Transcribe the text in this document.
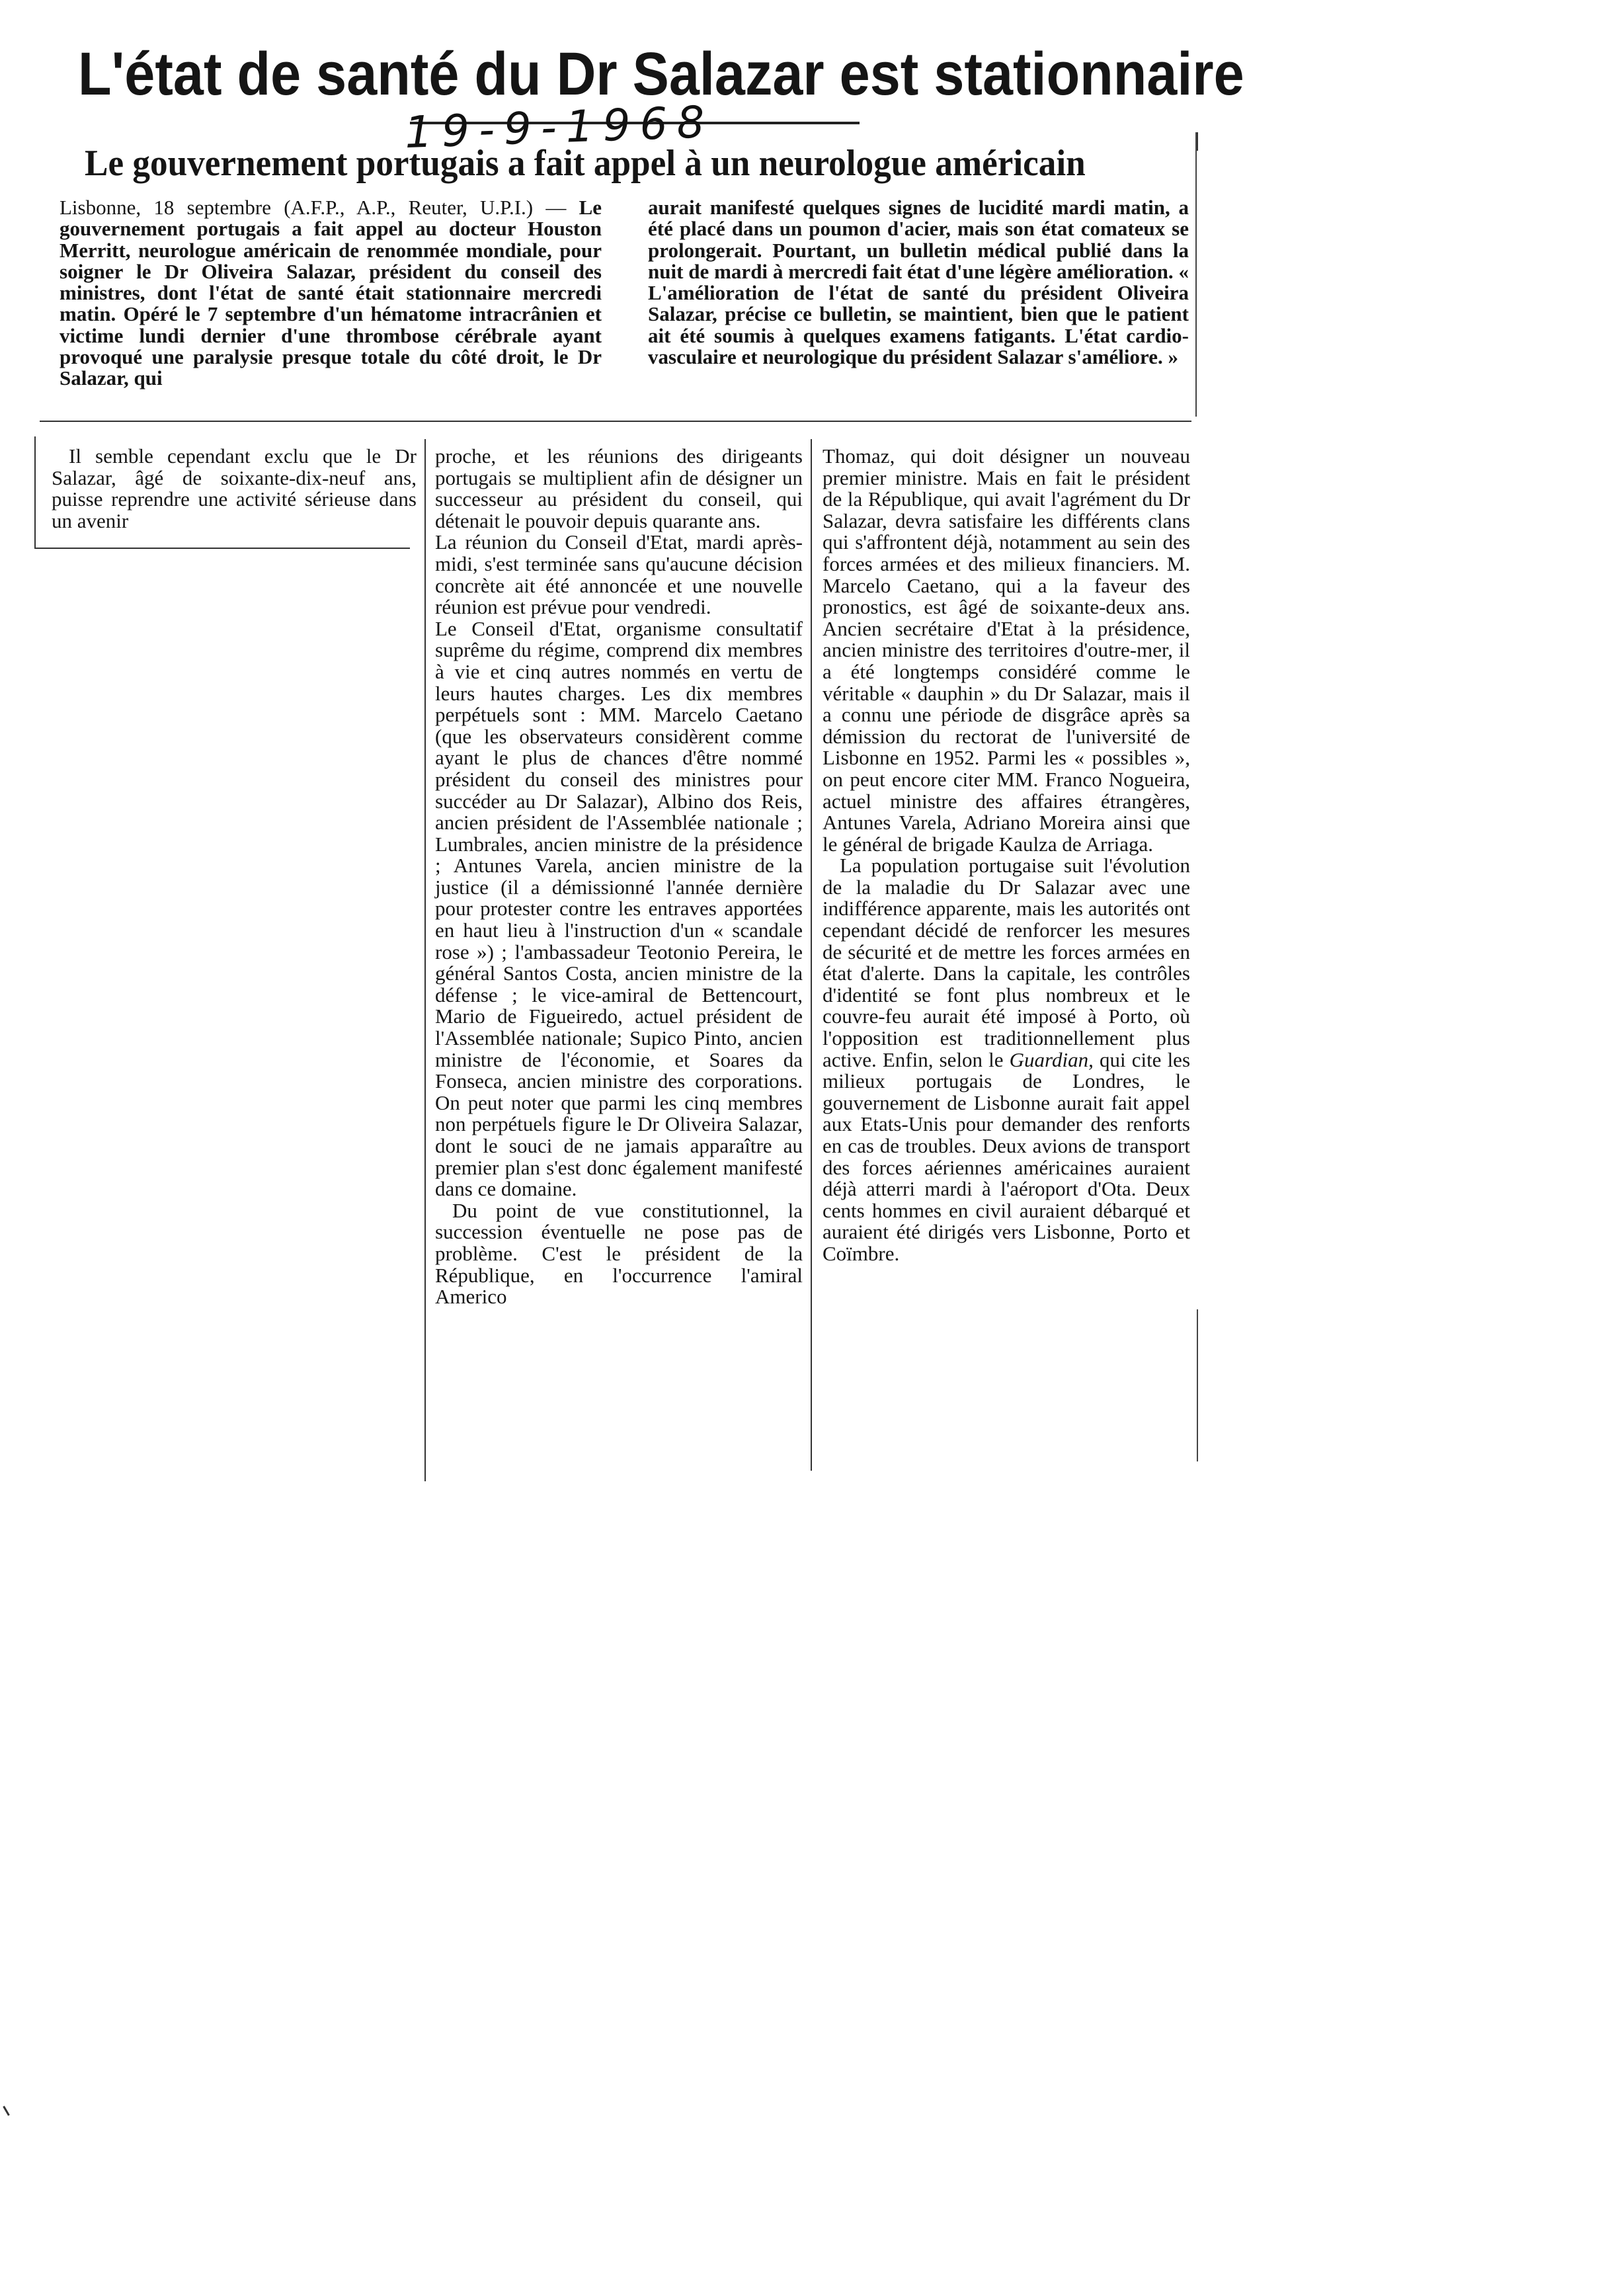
L'état de santé du Dr Salazar est stationnaire
19-9-1968
Le gouvernement portugais a fait appel à un neurologue américain

Lisbonne, 18 septembre (A.F.P., A.P., Reuter, U.P.I.) — Le gouvernement portugais a fait appel au docteur Houston Merritt, neurologue américain de renommée mondiale, pour soigner le Dr Oliveira Salazar, président du conseil des ministres, dont l'état de santé était stationnaire mercredi matin. Opéré le 7 septembre d'un hématome intracrânien et victime lundi dernier d'une thrombose cérébrale ayant provoqué une paralysie presque totale du côté droit, le Dr Salazar, qui

aurait manifesté quelques signes de lucidité mardi matin, a été placé dans un poumon d'acier, mais son état comateux se prolongerait. Pourtant, un bulletin médical publié dans la nuit de mardi à mercredi fait état d'une légère amélioration. « L'amélioration de l'état de santé du président Oliveira Salazar, précise ce bulletin, se maintient, bien que le patient ait été soumis à quelques examens fatigants. L'état cardio-vasculaire et neurologique du président Salazar s'améliore. »

Il semble cependant exclu que le Dr Salazar, âgé de soixante-dix-neuf ans, puisse reprendre une activité sérieuse dans un avenir

proche, et les réunions des dirigeants portugais se multiplient afin de désigner un successeur au président du conseil, qui détenait le pouvoir depuis quarante ans.

La réunion du Conseil d'Etat, mardi après-midi, s'est terminée sans qu'aucune décision concrète ait été annoncée et une nouvelle réunion est prévue pour vendredi.

Le Conseil d'Etat, organisme consultatif suprême du régime, comprend dix membres à vie et cinq autres nommés en vertu de leurs hautes charges. Les dix membres perpétuels sont : MM. Marcelo Caetano (que les observateurs considèrent comme ayant le plus de chances d'être nommé président du conseil des ministres pour succéder au Dr Salazar), Albino dos Reis, ancien président de l'Assemblée nationale ; Lumbrales, ancien ministre de la présidence ; Antunes Varela, ancien ministre de la justice (il a démissionné l'année dernière pour protester contre les entraves apportées en haut lieu à l'instruction d'un « scandale rose ») ; l'ambassadeur Teotonio Pereira, le général Santos Costa, ancien ministre de la défense ; le vice-amiral de Bettencourt, Mario de Figueiredo, actuel président de l'Assemblée nationale; Supico Pinto, ancien ministre de l'économie, et Soares da Fonseca, ancien ministre des corporations. On peut noter que parmi les cinq membres non perpétuels figure le Dr Oliveira Salazar, dont le souci de ne jamais apparaître au premier plan s'est donc également manifesté dans ce domaine.

Du point de vue constitutionnel, la succession éventuelle ne pose pas de problème. C'est le président de la République, en l'occurrence l'amiral Americo

Thomaz, qui doit désigner un nouveau premier ministre. Mais en fait le président de la République, qui avait l'agrément du Dr Salazar, devra satisfaire les différents clans qui s'affrontent déjà, notamment au sein des forces armées et des milieux financiers. M. Marcelo Caetano, qui a la faveur des pronostics, est âgé de soixante-deux ans. Ancien secrétaire d'Etat à la présidence, ancien ministre des territoires d'outre-mer, il a été longtemps considéré comme le véritable « dauphin » du Dr Salazar, mais il a connu une période de disgrâce après sa démission du rectorat de l'université de Lisbonne en 1952. Parmi les « possibles », on peut encore citer MM. Franco Nogueira, actuel ministre des affaires étrangères, Antunes Varela, Adriano Moreira ainsi que le général de brigade Kaulza de Arriaga.

La population portugaise suit l'évolution de la maladie du Dr Salazar avec une indifférence apparente, mais les autorités ont cependant décidé de renforcer les mesures de sécurité et de mettre les forces armées en état d'alerte. Dans la capitale, les contrôles d'identité se font plus nombreux et le couvre-feu aurait été imposé à Porto, où l'opposition est traditionnellement plus active. Enfin, selon le Guardian, qui cite les milieux portugais de Londres, le gouvernement de Lisbonne aurait fait appel aux Etats-Unis pour demander des renforts en cas de troubles. Deux avions de transport des forces aériennes américaines auraient déjà atterri mardi à l'aéroport d'Ota. Deux cents hommes en civil auraient débarqué et auraient été dirigés vers Lisbonne, Porto et Coïmbre.
